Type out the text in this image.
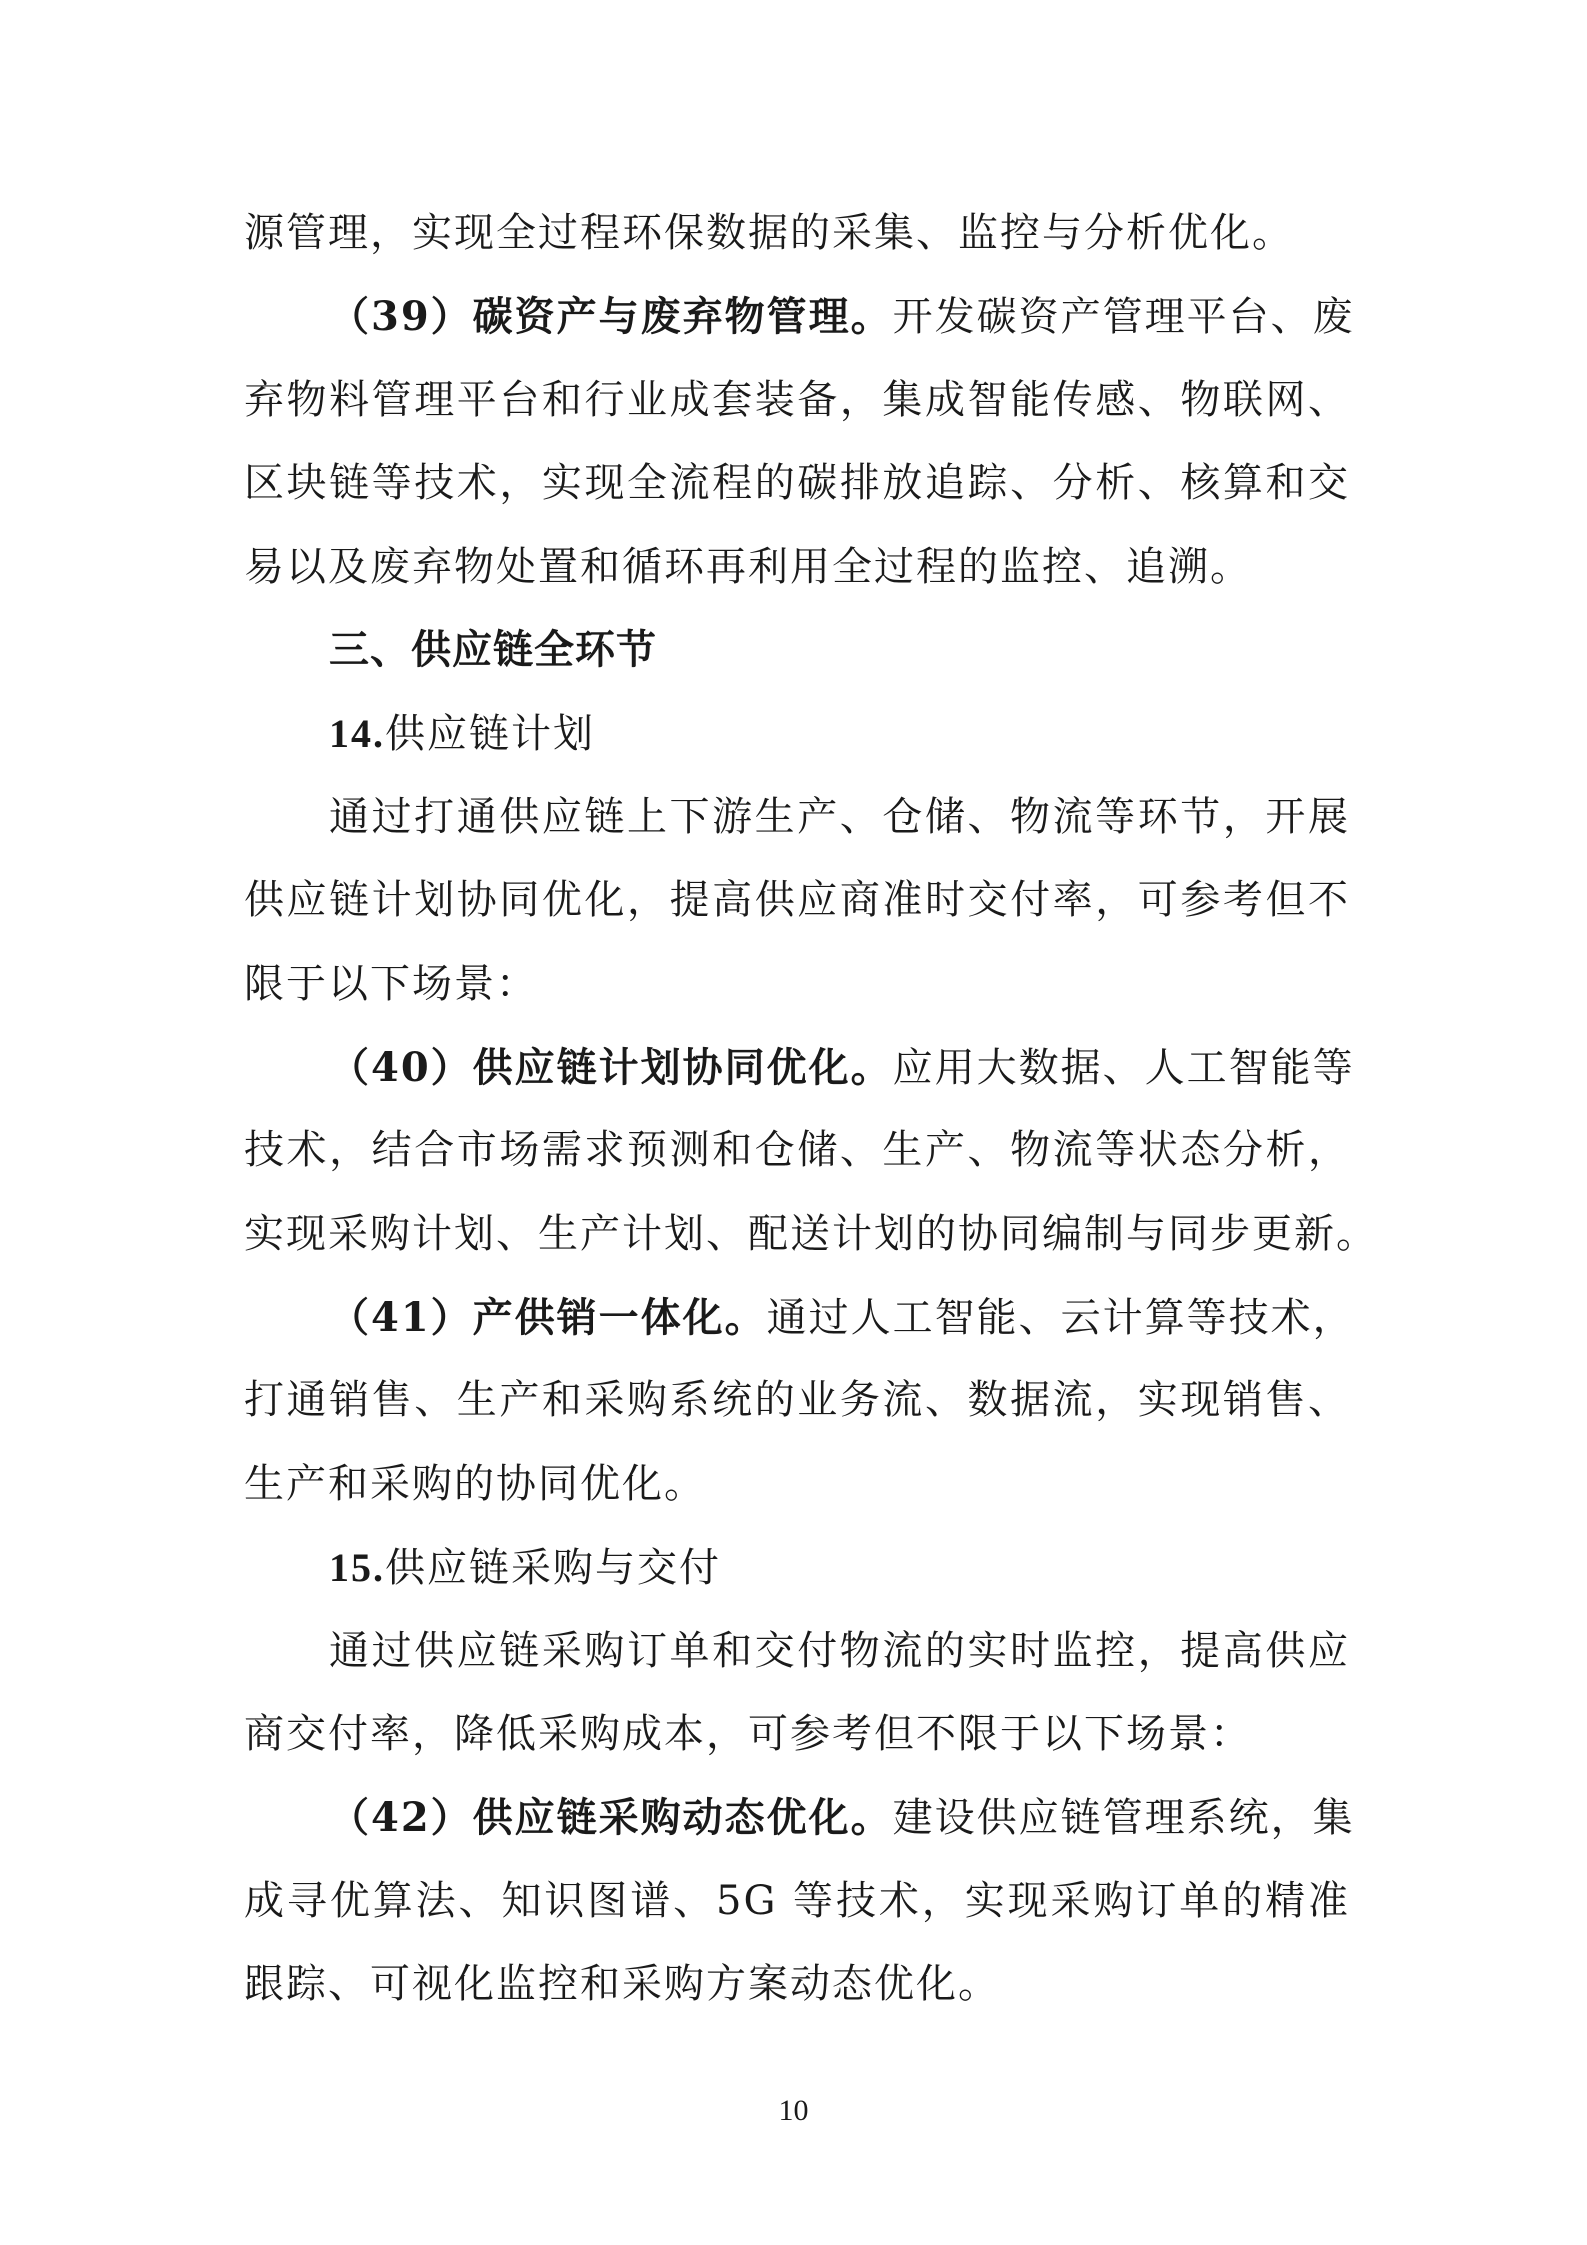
源管理，实现全过程环保数据的采集、监控与分析优化。
（39）碳资产与废弃物管理。开发碳资产管理平台、废
弃物料管理平台和行业成套装备，集成智能传感、物联网、
区块链等技术，实现全流程的碳排放追踪、分析、核算和交
易以及废弃物处置和循环再利用全过程的监控、追溯。
三、供应链全环节
14.供应链计划
通过打通供应链上下游生产、仓储、物流等环节，开展
供应链计划协同优化，提高供应商准时交付率，可参考但不
限于以下场景：
（40）供应链计划协同优化。应用大数据、人工智能等
技术，结合市场需求预测和仓储、生产、物流等状态分析，
实现采购计划、生产计划、配送计划的协同编制与同步更新。
（41）产供销一体化。通过人工智能、云计算等技术，
打通销售、生产和采购系统的业务流、数据流，实现销售、
生产和采购的协同优化。
15.供应链采购与交付
通过供应链采购订单和交付物流的实时监控，提高供应
商交付率，降低采购成本，可参考但不限于以下场景：
（42）供应链采购动态优化。建设供应链管理系统，集
成寻优算法、知识图谱、5G 等技术，实现采购订单的精准
跟踪、可视化监控和采购方案动态优化。
10
